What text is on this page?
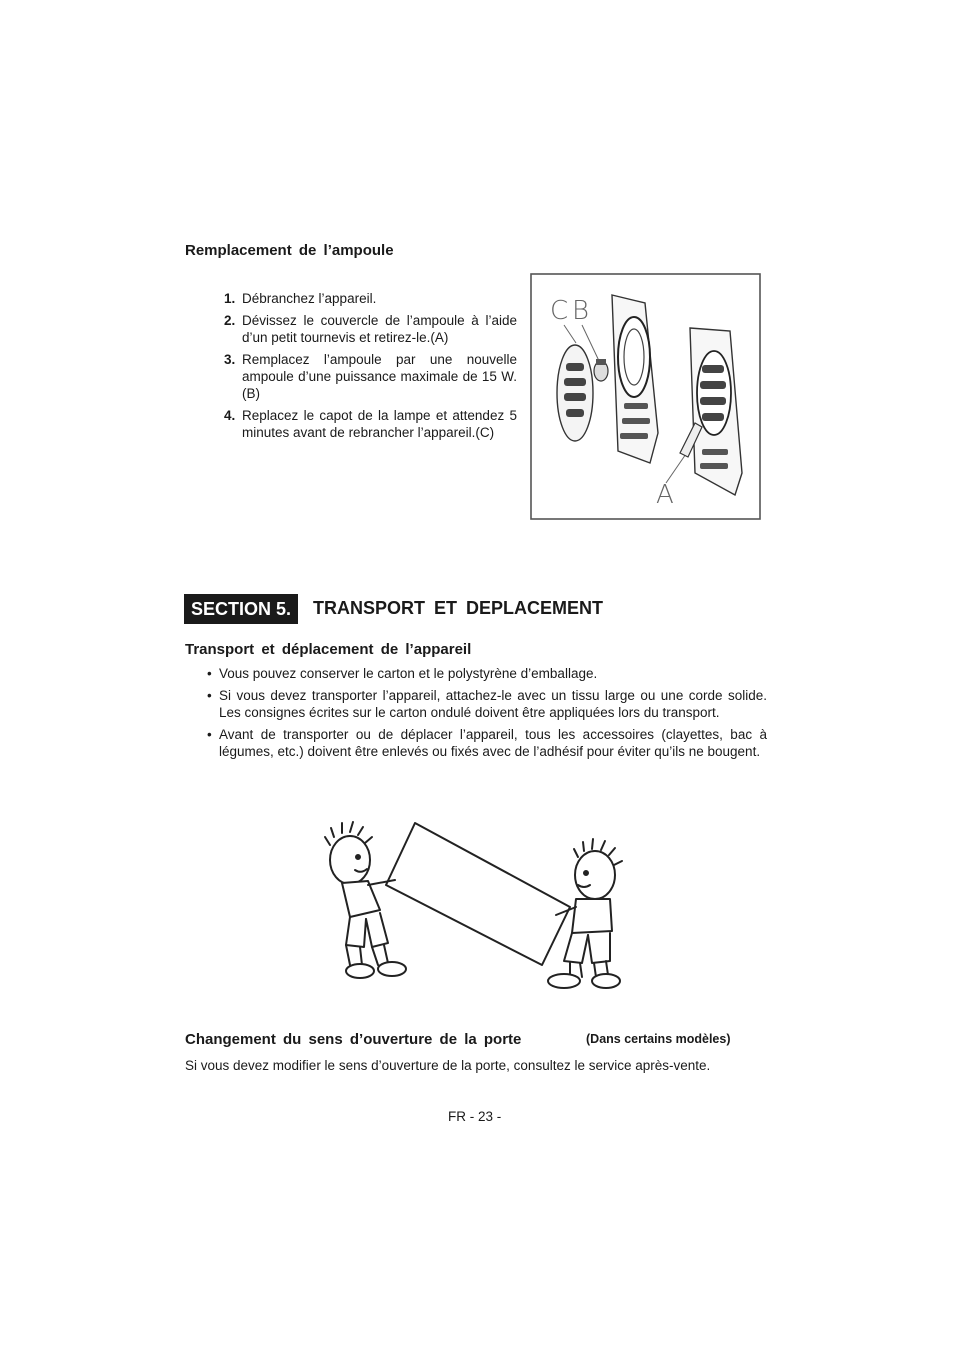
Remplacement de l’ampoule
1. Débranchez l’appareil.
2. Dévissez le couvercle de l’ampoule à l’aide d’un petit tournevis et retirez-le.(A)
3. Remplacez l’ampoule par une nouvelle ampoule d’une puissance maximale de 15 W.(B)
4. Replacez le capot de la lampe et attendez 5 minutes avant de rebrancher l’appareil.(C)
C B
A
SECTION 5.	TRANSPORT ET DEPLACEMENT
Transport et déplacement de l’appareil
• Vous pouvez conserver le carton et le polystyrène d’emballage.
• Si vous devez transporter l’appareil, attachez-le avec un tissu large ou une corde solide. Les consignes écrites sur le carton ondulé doivent être appliquées lors du transport.
• Avant de transporter ou de déplacer l’appareil, tous les accessoires (clayettes, bac à légumes, etc.) doivent être enlevés ou fixés avec de l’adhésif pour éviter qu’ils ne bougent.
Changement du sens d’ouverture de la porte	(Dans certains modèles)
Si vous devez modifier le sens d’ouverture de la porte, consultez le service après-vente.
FR - 23 -
